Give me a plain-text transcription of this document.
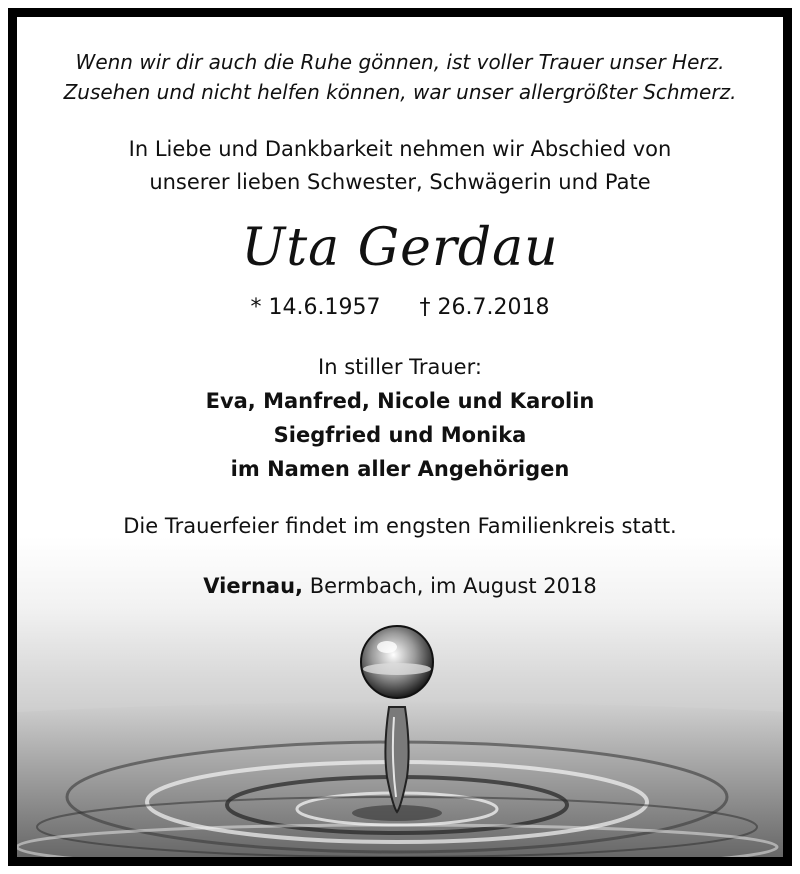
Wenn wir dir auch die Ruhe gönnen, ist voller Trauer unser Herz.
Zusehen und nicht helfen können, war unser allergrößter Schmerz.
In Liebe und Dankbarkeit nehmen wir Abschied von
unserer lieben Schwester, Schwägerin und Pate
Uta Gerdau
* 14.6.1957 † 26.7.2018
In stiller Trauer:
Eva, Manfred, Nicole und Karolin
Siegfried und Monika
im Namen aller Angehörigen
Die Trauerfeier findet im engsten Familienkreis statt.
Viernau, Bermbach, im August 2018
